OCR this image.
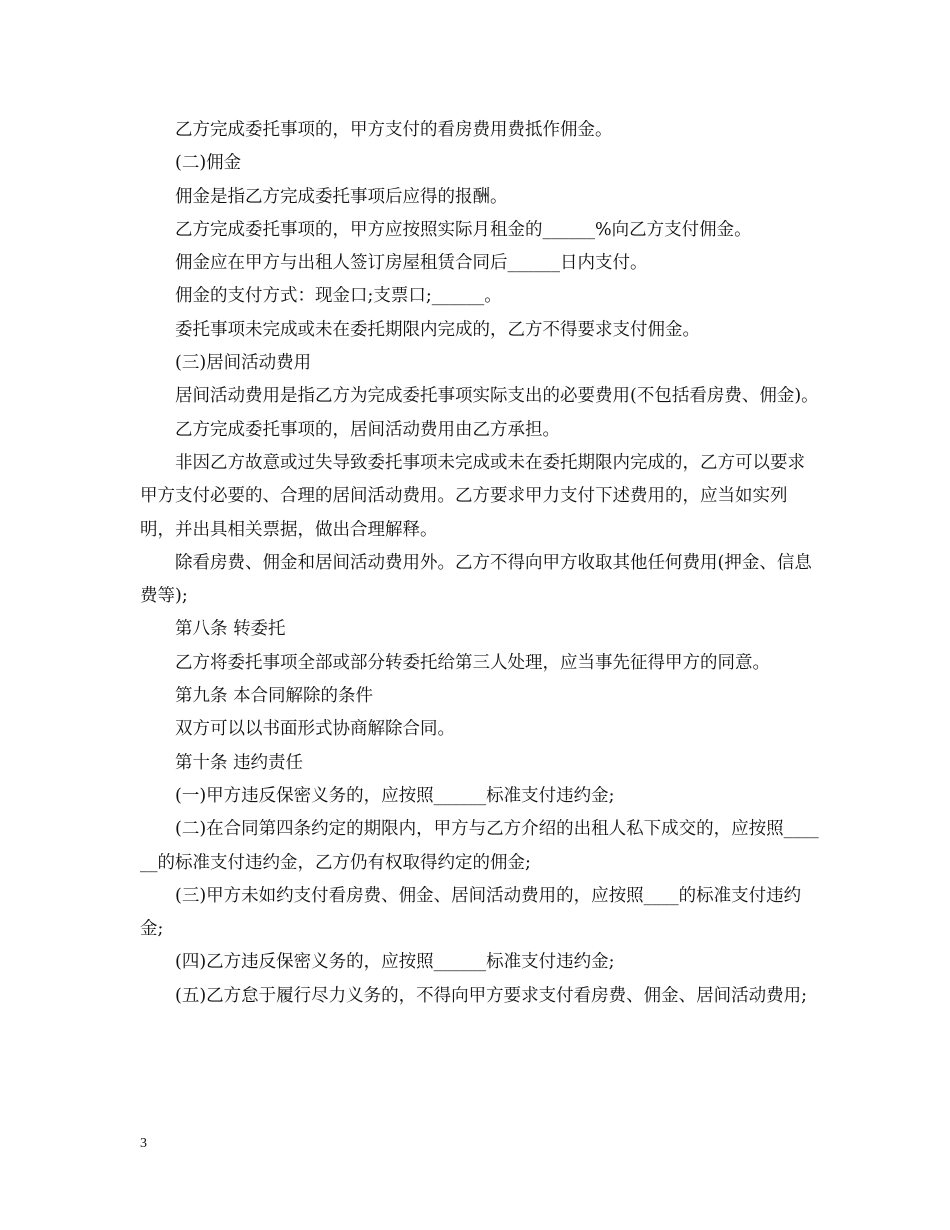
乙方完成委托事项的，甲方支付的看房费用费抵作佣金。

(二)佣金

佣金是指乙方完成委托事项后应得的报酬。

乙方完成委托事项的，甲方应按照实际月租金的______%向乙方支付佣金。

佣金应在甲方与出租人签订房屋租赁合同后______日内支付。

佣金的支付方式：现金口;支票口;______。

委托事项未完成或未在委托期限内完成的，乙方不得要求支付佣金。

(三)居间活动费用

居间活动费用是指乙方为完成委托事项实际支出的必要费用(不包括看房费、佣金)。

乙方完成委托事项的，居间活动费用由乙方承担。

非因乙方故意或过失导致委托事项未完成或未在委托期限内完成的，乙方可以要求甲方支付必要的、合理的居间活动费用。乙方要求甲力支付下述费用的，应当如实列明，并出具相关票据，做出合理解释。

除看房费、佣金和居间活动费用外。乙方不得向甲方收取其他任何费用(押金、信息费等);

第八条 转委托

乙方将委托事项全部或部分转委托给第三人处理，应当事先征得甲方的同意。

第九条 本合同解除的条件

双方可以以书面形式协商解除合同。

第十条 违约责任

(一)甲方违反保密义务的，应按照______标准支付违约金;

(二)在合同第四条约定的期限内，甲方与乙方介绍的出租人私下成交的，应按照______的标准支付违约金，乙方仍有权取得约定的佣金;

(三)甲方未如约支付看房费、佣金、居间活动费用的，应按照____的标准支付违约金;

(四)乙方违反保密义务的，应按照______标准支付违约金;

(五)乙方怠于履行尽力义务的，不得向甲方要求支付看房费、佣金、居间活动费用;

3
